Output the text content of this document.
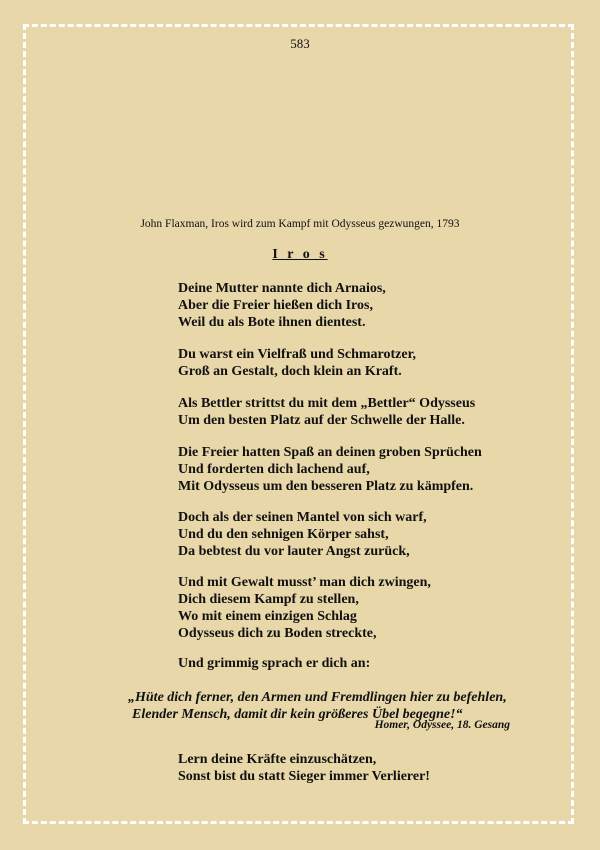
583
John Flaxman, Iros wird zum Kampf mit Odysseus gezwungen, 1793
I r o s
Deine Mutter nannte dich Arnaios,
Aber die Freier hießen dich Iros,
Weil du als Bote ihnen dientest.
Du warst ein Vielfraß und Schmarotzer,
Groß an Gestalt, doch klein an Kraft.
Als Bettler strittst du mit dem „Bettler“ Odysseus
Um den besten Platz auf der Schwelle der Halle.
Die Freier hatten Spaß an deinen groben Sprüchen
Und forderten dich lachend auf,
Mit Odysseus um den besseren Platz zu kämpfen.
Doch als der seinen Mantel von sich warf,
Und du den sehnigen Körper sahst,
Da bebtest du vor lauter Angst zurück,
Und mit Gewalt musst’ man dich zwingen,
Dich diesem Kampf zu stellen,
Wo mit einem einzigen Schlag
Odysseus dich zu Boden streckte,
Und grimmig sprach er dich an:
„Hüte dich ferner, den Armen und Fremdlingen hier zu befehlen,
Elender Mensch, damit dir kein größeres Übel begegne!“
Homer, Odyssee, 18. Gesang
Lern deine Kräfte einzuschätzen,
Sonst bist du statt Sieger immer Verlierer!
